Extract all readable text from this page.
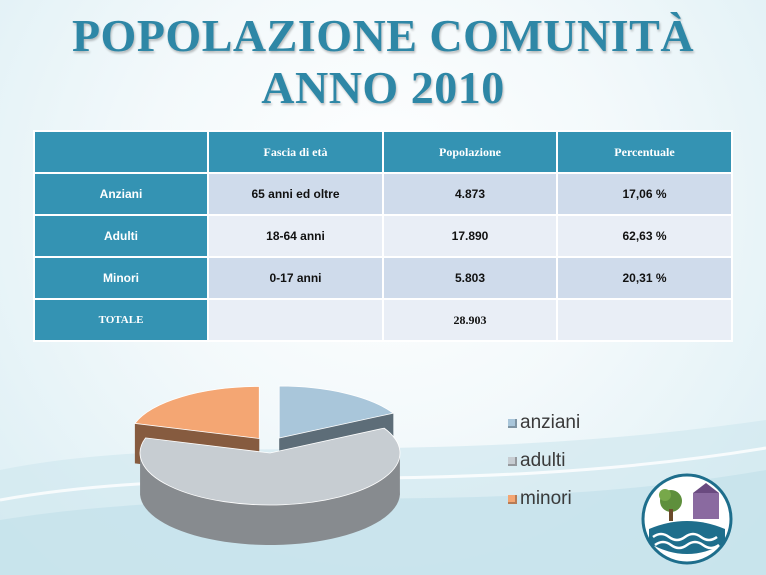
POPOLAZIONE COMUNITÀ
ANNO 2010
	Fascia di età	Popolazione	Percentuale
Anziani	65 anni ed oltre	4.873	17,06 %
Adulti	18-64 anni	17.890	62,63 %
Minori	0-17 anni	5.803	20,31 %
TOTALE		28.903	
anziani
adulti
minori
